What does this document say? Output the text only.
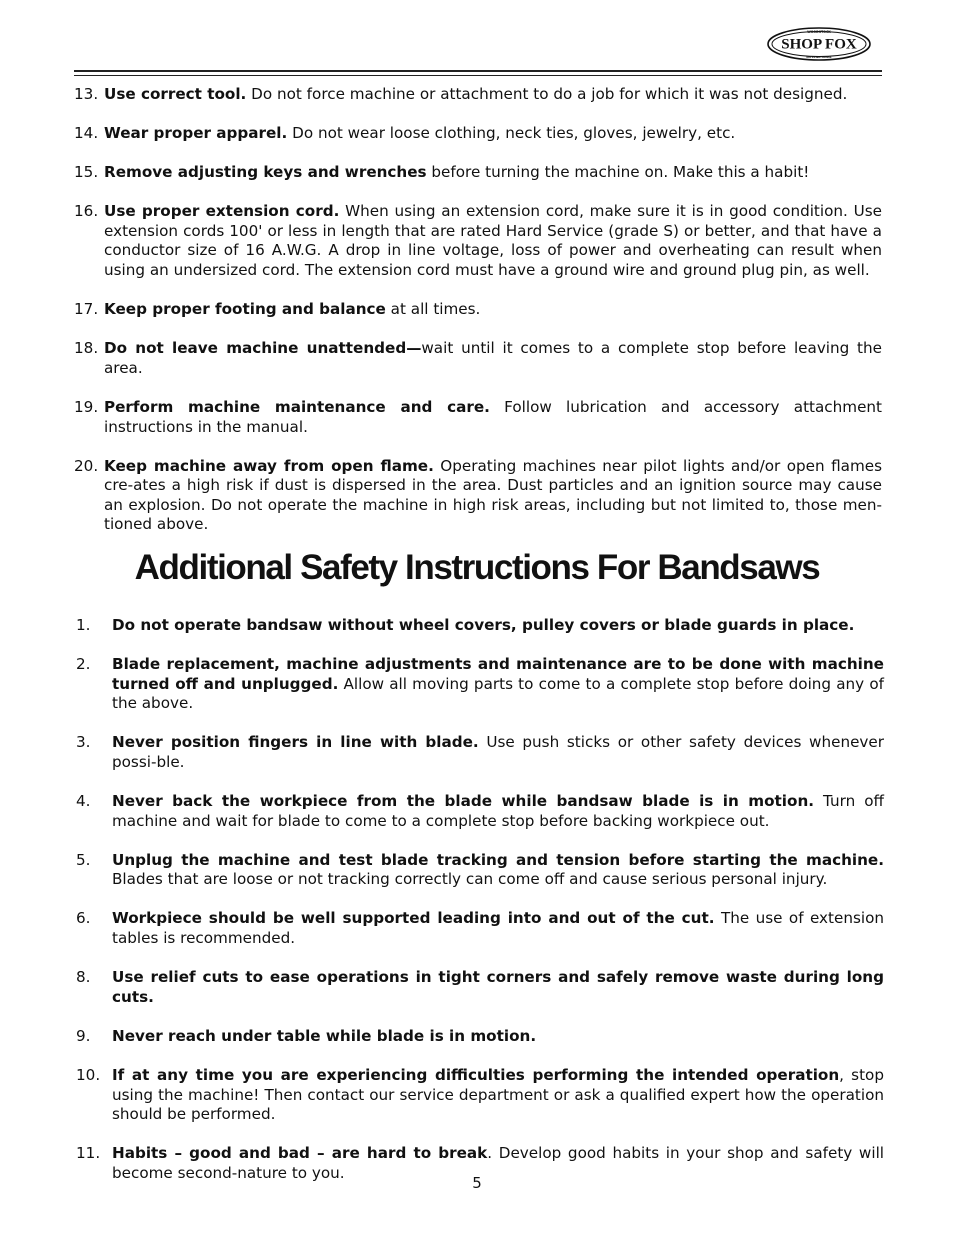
WOODSTOCK
SHOP FOX
INTERNATIONAL
13. Use correct tool. Do not force machine or attachment to do a job for which it was not designed.
14. Wear proper apparel. Do not wear loose clothing, neck ties, gloves, jewelry, etc.
15. Remove adjusting keys and wrenches before turning the machine on. Make this a habit!
16. Use proper extension cord. When using an extension cord, make sure it is in good condition. Use extension cords 100' or less in length that are rated Hard Service (grade S) or better, and that have a conductor size of 16 A.W.G. A drop in line voltage, loss of power and overheating can result when using an undersized cord. The extension cord must have a ground wire and ground plug pin, as well.
17. Keep proper footing and balance at all times.
18. Do not leave machine unattended—wait until it comes to a complete stop before leaving the area.
19. Perform machine maintenance and care. Follow lubrication and accessory attachment instructions in the manual.
20. Keep machine away from open flame. Operating machines near pilot lights and/or open flames cre-ates a high risk if dust is dispersed in the area. Dust particles and an ignition source may cause an explosion. Do not operate the machine in high risk areas, including but not limited to, those men-tioned above.
Additional Safety Instructions For Bandsaws
1.	Do not operate bandsaw without wheel covers, pulley covers or blade guards in place.
2.	Blade replacement, machine adjustments and maintenance are to be done with machine turned off and unplugged. Allow all moving parts to come to a complete stop before doing any of the above.
3.	Never position fingers in line with blade. Use push sticks or other safety devices whenever possi-ble.
4.	Never back the workpiece from the blade while bandsaw blade is in motion. Turn off machine and wait for blade to come to a complete stop before backing workpiece out.
5.	Unplug the machine and test blade tracking and tension before starting the machine. Blades that are loose or not tracking correctly can come off and cause serious personal injury.
6.	Workpiece should be well supported leading into and out of the cut. The use of extension tables is recommended.
8.	Use relief cuts to ease operations in tight corners and safely remove waste during long cuts.
9.	Never reach under table while blade is in motion.
10. If at any time you are experiencing difficulties performing the intended operation, stop using the machine! Then contact our service department or ask a qualified expert how the operation should be performed.
11. Habits – good and bad – are hard to break. Develop good habits in your shop and safety will become second-nature to you.
5
